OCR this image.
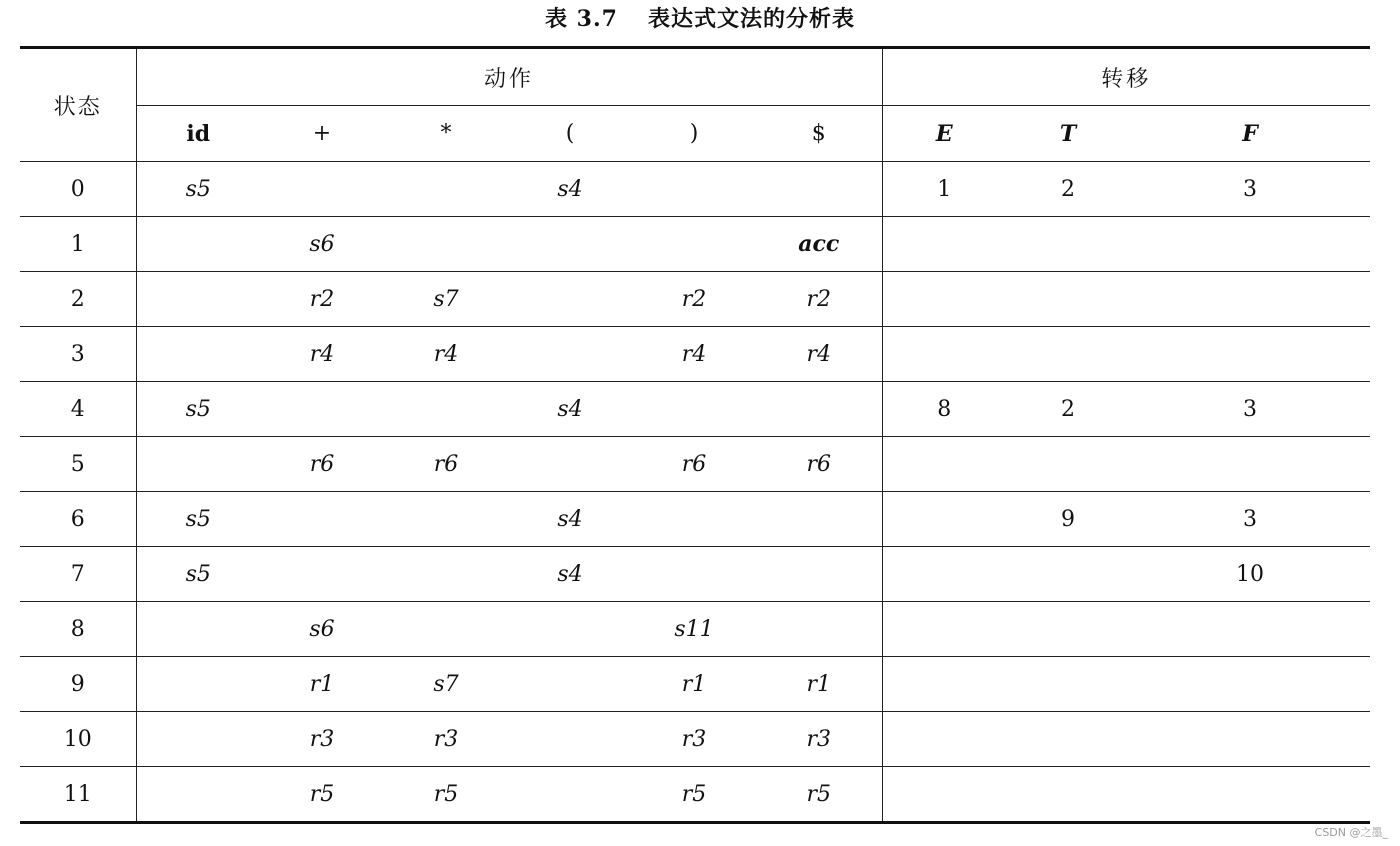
表 3.7 表达式文法的分析表
状态	动作						转移		
	id	+	*	(	)	$	E	T	F
0	s5			s4			1	2	3
1		s6				acc			
2		r2	s7		r2	r2			
3		r4	r4		r4	r4			
4	s5			s4			8	2	3
5		r6	r6		r6	r6			
6	s5			s4				9	3
7	s5			s4					10
8		s6			s11				
9		r1	s7		r1	r1			
10		r3	r3		r3	r3			
11		r5	r5		r5	r5			
CSDN @之墨_
